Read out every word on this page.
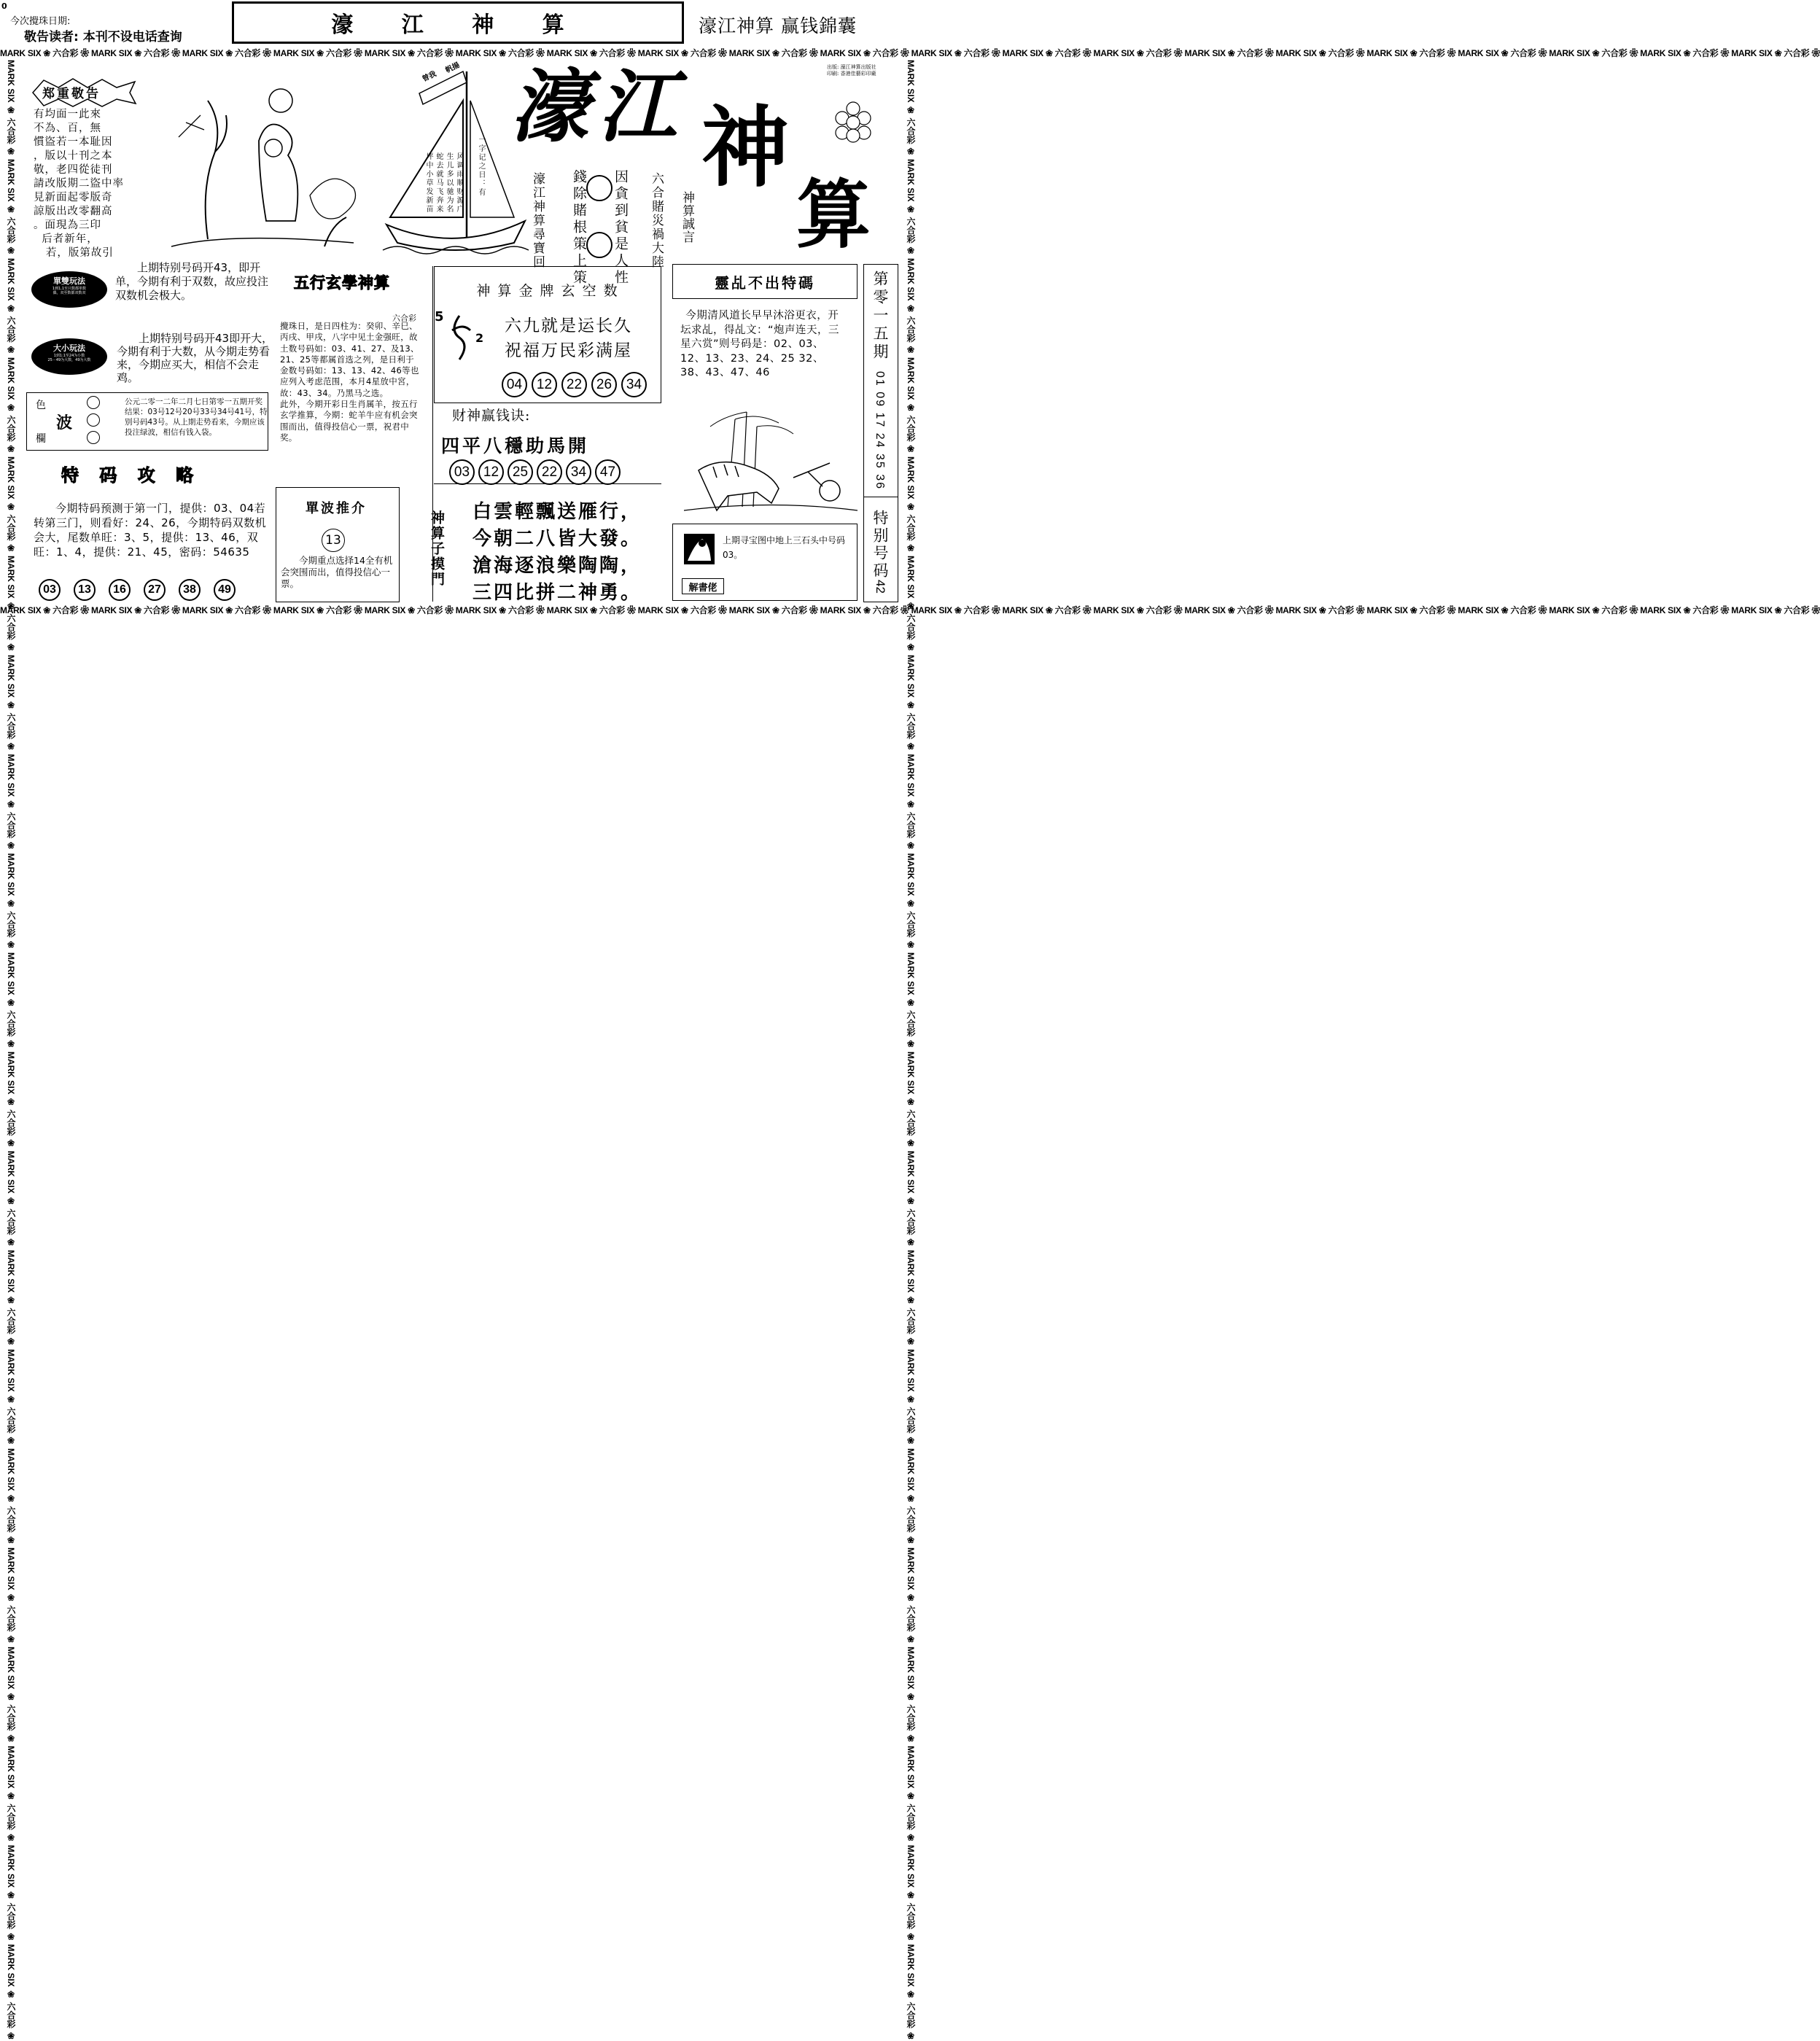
0
今次攪珠日期:
敬告读者: 本刊不设电话查询	濠 江 神 算	濠江神算 赢钱錦囊
MARK SIX ❀ 六合彩 ❀ MARK SIX ❀ 六合彩 ❀ MARK SIX ❀ 六合彩 ❀ MARK SIX ❀ 六合彩 ❀ MARK SIX ❀ 六合彩 ❀ MARK SIX ❀ 六合彩 ❀ MARK SIX ❀ 六合彩 ❀ MARK SIX ❀ 六合彩 ❀ MARK SIX ❀ 六合彩 ❀ MARK SIX ❀ 六合彩 ❀ MARK SIX ❀ 六合彩 ❀ MARK SIX ❀ 六合彩 ❀ MARK SIX ❀ 六合彩 ❀ MARK SIX ❀ 六合彩 ❀ MARK SIX ❀ 六合彩 ❀ MARK SIX ❀ 六合彩 ❀ MARK SIX ❀ 六合彩 ❀ MARK SIX ❀ 六合彩 ❀ MARK SIX ❀ 六合彩 ❀ MARK SIX ❀ 六合彩 ❀
MARK SIX ❀ 六合彩 ❀ MARK SIX ❀ 六合彩 ❀ MARK SIX ❀ 六合彩 ❀ MARK SIX ❀ 六合彩 ❀ MARK SIX ❀ 六合彩 ❀ MARK SIX ❀ 六合彩 ❀ MARK SIX ❀ 六合彩 ❀ MARK SIX ❀ 六合彩 ❀ MARK SIX ❀ 六合彩 ❀ MARK SIX ❀ 六合彩 ❀ MARK SIX ❀ 六合彩 ❀ MARK SIX ❀ 六合彩 ❀ MARK SIX ❀ 六合彩 ❀ MARK SIX ❀ 六合彩 ❀ MARK SIX ❀ 六合彩 ❀ MARK SIX ❀ 六合彩 ❀ MARK SIX ❀ 六合彩 ❀ MARK SIX ❀ 六合彩 ❀ MARK SIX ❀ 六合彩 ❀ MARK SIX ❀ 六合彩 ❀
MARK SIX ❀ 六合彩 ❀ MARK SIX ❀ 六合彩 ❀ MARK SIX ❀ 六合彩 ❀ MARK SIX ❀ 六合彩 ❀ MARK SIX ❀ 六合彩 ❀ MARK SIX ❀ 六合彩 ❀ MARK SIX ❀ 六合彩 ❀ MARK SIX ❀ 六合彩 ❀ MARK SIX ❀ 六合彩 ❀ MARK SIX ❀ 六合彩 ❀ MARK SIX ❀ 六合彩 ❀ MARK SIX ❀ 六合彩 ❀ MARK SIX ❀ 六合彩 ❀ MARK SIX ❀ 六合彩 ❀ MARK SIX ❀ 六合彩 ❀ MARK SIX ❀ 六合彩 ❀ MARK SIX ❀ 六合彩 ❀ MARK SIX ❀ 六合彩 ❀ MARK SIX ❀ 六合彩 ❀ MARK SIX ❀ 六合彩 ❀	MARK SIX ❀ 六合彩 ❀ MARK SIX ❀ 六合彩 ❀ MARK SIX ❀ 六合彩 ❀ MARK SIX ❀ 六合彩 ❀ MARK SIX ❀ 六合彩 ❀ MARK SIX ❀ 六合彩 ❀ MARK SIX ❀ 六合彩 ❀ MARK SIX ❀ 六合彩 ❀ MARK SIX ❀ 六合彩 ❀ MARK SIX ❀ 六合彩 ❀ MARK SIX ❀ 六合彩 ❀ MARK SIX ❀ 六合彩 ❀ MARK SIX ❀ 六合彩 ❀ MARK SIX ❀ 六合彩 ❀ MARK SIX ❀ 六合彩 ❀ MARK SIX ❀ 六合彩 ❀ MARK SIX ❀ 六合彩 ❀ MARK SIX ❀ 六合彩 ❀ MARK SIX ❀ 六合彩 ❀ MARK SIX ❀ 六合彩 ❀
出版: 濠江神算出版社
印刷: 香港佳藝彩印廠
郑重敬告
有均面一此來
不為、百，無
慣盜若一本耻因
，版以十刊之本
敬，老四從徒刊
請改版期二盜中率
見新面起零版奇
諒版出改零翻高
。面現為三印
后者新年，
若，版第故引
單雙玩法
1到1,1至只数都単数
偶，双至数都双数双
上期特别号码开43，即开单，今期有利于双数，故应投注双数机会极大。
大小玩法
1到1:1至24为小数
25－49为大数，49为大数
上期特别号码开43即开大，今期有利于大数，从今期走势看来，今期应买大，相信不会走鸡。
色
波
欄
公元二零一二年二月七日第零一五期开奖结果：03号12号20号33号34号41号，特别号码43号。从上期走势看来，今期应该投注绿波，相信有钱入袋。
特 码 攻 略
今期特码预测于第一门，提供：03、04若转第三门，则看好：24、26，今期特码双数机会大，尾数单旺：3、5，提供：13、46，双旺：1、4，提供：21、45，密码：54635
03	13	16	27	38	49
曾我
帆揚
风调雨顺财源广
生儿多以驰为名
蛇去就马飞奔来
坪中小草发新苗	一字记之日：有
濠 江 神
算
濠江神算尋寶回 錢除賭根策上策 因貪到貧是人性 六合賭災禍大陸 神算誠言
五行玄學神算
六合彩
攪珠日，是日四柱为：癸卯、辛巳、丙戌、甲戌，八字中见土金强旺，故土数号码如：03、41、27、及13、21、25等都属首选之列，是日利于金数号码如：13、13、42、46等也应列入考虑范围，本月4星放中宮，故：43、34。乃黑马之选。
此外，今期开彩日生肖属羊，按五行玄学推算，今期：蛇羊牛应有机会突围而出，值得投信心一票，祝君中奖。
單波推介
13
今期重点选择14全有机会突围而出，值得投信心一票。
神 算 金 牌 玄 空 数
5
2
六九就是运长久
祝福万民彩满屋
04	12	22	26	34
财神赢钱诀:
四平八穩助馬開
03 12 25 22 34 47
神算子摸門 白雲輕飄送雁行，
今朝二八皆大發。
滄海逐浪樂陶陶，
三四比拼二神勇。
靈乩不出特碼
今期清风道长早早沐浴更衣，开坛求乩，得乩文：“炮声连天，三星六赏”则号码是：02、03、12、13、23、24、25 32、38、43、47、46
上期寻宝图中地上三石头中号码03。
解書佬
第零一五期
01 09 17 24 35 36
特别号码
42
